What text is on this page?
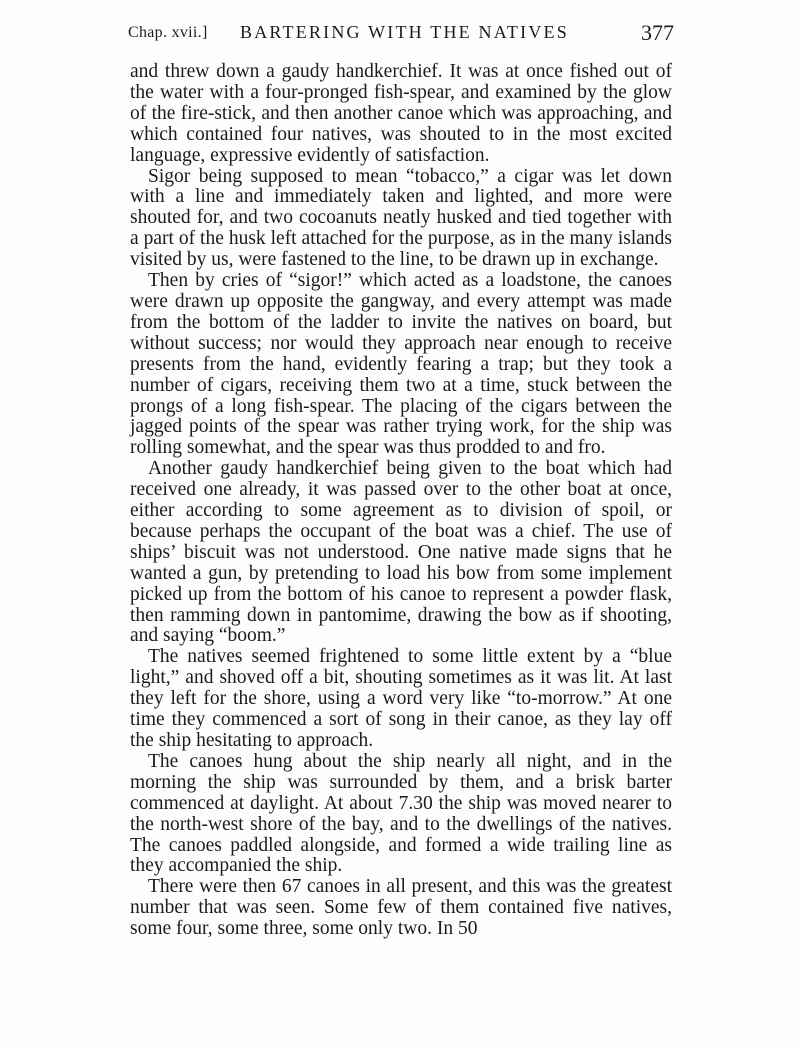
Chap. xvii.] BARTERING WITH THE NATIVES	377

and threw down a gaudy handkerchief. It was at once fished out of the water with a four-pronged fish-spear, and examined by the glow of the fire-stick, and then another canoe which was approaching, and which contained four natives, was shouted to in the most excited language, expressive evidently of satisfaction.

Sigor being supposed to mean “tobacco,” a cigar was let down with a line and immediately taken and lighted, and more were shouted for, and two cocoanuts neatly husked and tied together with a part of the husk left attached for the purpose, as in the many islands visited by us, were fastened to the line, to be drawn up in exchange.

Then by cries of “sigor!” which acted as a loadstone, the canoes were drawn up opposite the gangway, and every attempt was made from the bottom of the ladder to invite the natives on board, but without success; nor would they approach near enough to receive presents from the hand, evidently fearing a trap; but they took a number of cigars, receiving them two at a time, stuck between the prongs of a long fish-spear. The placing of the cigars between the jagged points of the spear was rather trying work, for the ship was rolling somewhat, and the spear was thus prodded to and fro.

Another gaudy handkerchief being given to the boat which had received one already, it was passed over to the other boat at once, either according to some agreement as to division of spoil, or because perhaps the occupant of the boat was a chief. The use of ships’ biscuit was not understood. One native made signs that he wanted a gun, by pretending to load his bow from some implement picked up from the bottom of his canoe to represent a powder flask, then ramming down in pantomime, drawing the bow as if shooting, and saying “boom.”

The natives seemed frightened to some little extent by a “blue light,” and shoved off a bit, shouting sometimes as it was lit. At last they left for the shore, using a word very like “to-morrow.” At one time they commenced a sort of song in their canoe, as they lay off the ship hesitating to approach.

The canoes hung about the ship nearly all night, and in the morning the ship was surrounded by them, and a brisk barter commenced at daylight. At about 7.30 the ship was moved nearer to the north-west shore of the bay, and to the dwellings of the natives. The canoes paddled alongside, and formed a wide trailing line as they accompanied the ship.

There were then 67 canoes in all present, and this was the greatest number that was seen. Some few of them contained five natives, some four, some three, some only two. In 50
